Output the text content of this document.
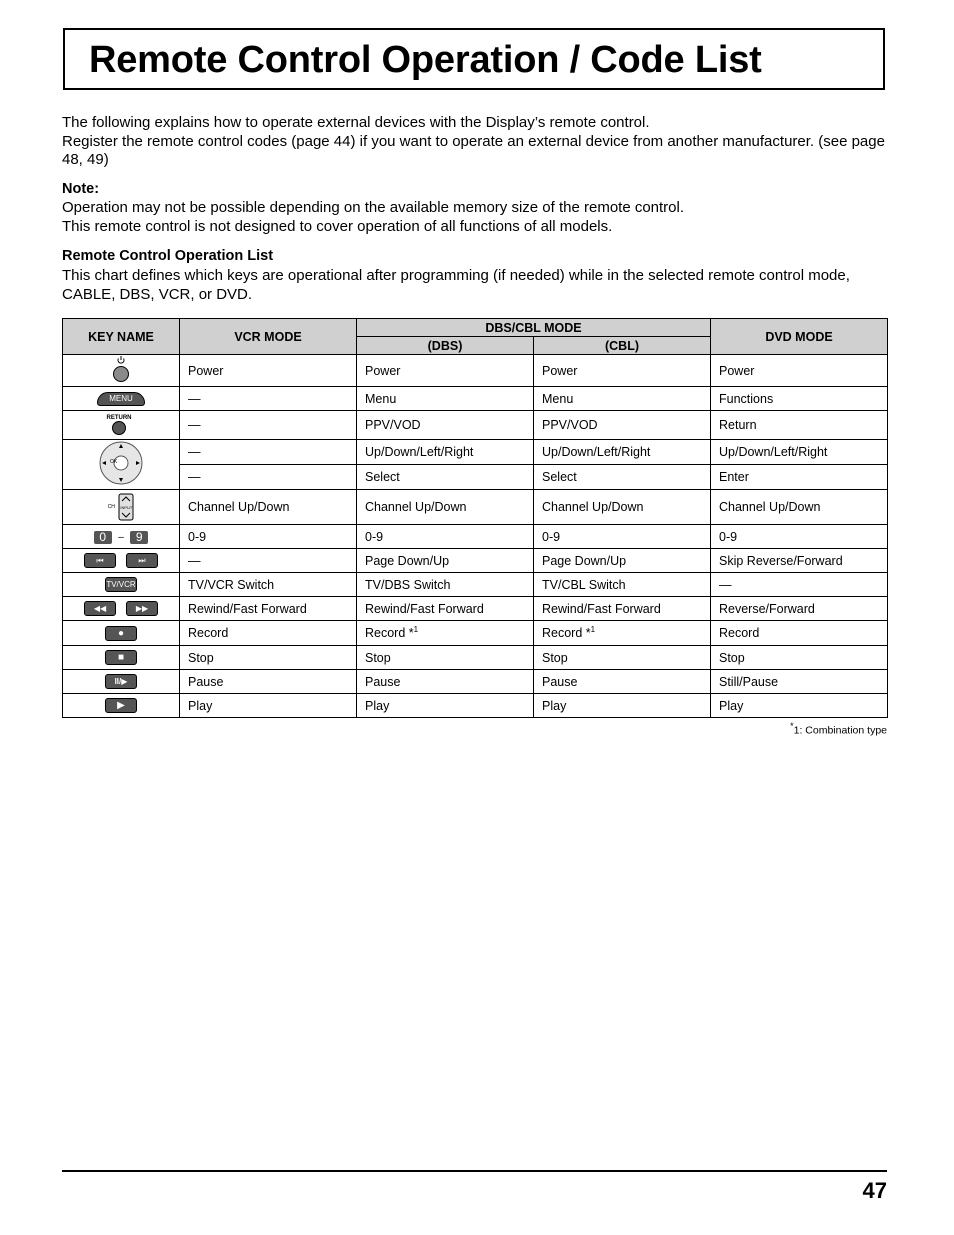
Remote Control Operation / Code List

The following explains how to operate external devices with the Display’s remote control.

Register the remote control codes (page 44) if you want to operate an external device from another manufacturer. (see page 48, 49)

Note:

Operation may not be possible depending on the available memory size of the remote control.

This remote control is not designed to cover operation of all functions of all models.

Remote Control Operation List
This chart defines which keys are operational after programming (if needed) while in the selected remote control mode, CABLE, DBS, VCR, or DVD.
KEY NAME	VCR MODE	DBS/CBL MODE		DVD MODE
		(DBS)	(CBL)	
	Power	Power	Power	Power
MENU	—	Menu	Menu	Functions

RETURN	—	PPV/VOD	PPV/VOD	Return

OK	—	Up/Down/Left/Right	Up/Down/Left/Right	Up/Down/Left/Right
	—	Select	Select	Enter
CH INPUT	Channel Up/Down	Channel Up/Down	Channel Up/Down	Channel Up/Down
0 – 9	0-9	0-9	0-9	0-9
⏮ ⏭	—	Page Down/Up	Page Down/Up	Skip Reverse/Forward
TV/VCR	TV/VCR Switch	TV/DBS Switch	TV/CBL Switch	—
◀◀ ▶▶	Rewind/Fast Forward	Rewind/Fast Forward	Rewind/Fast Forward	Reverse/Forward
●	Record	Record *$^1$	Record *$^1$	Record
■	Stop	Stop	Stop	Stop
II/▶	Pause	Pause	Pause	Still/Pause
▶	Play	Play	Play	Play
*1: Combination type
47
